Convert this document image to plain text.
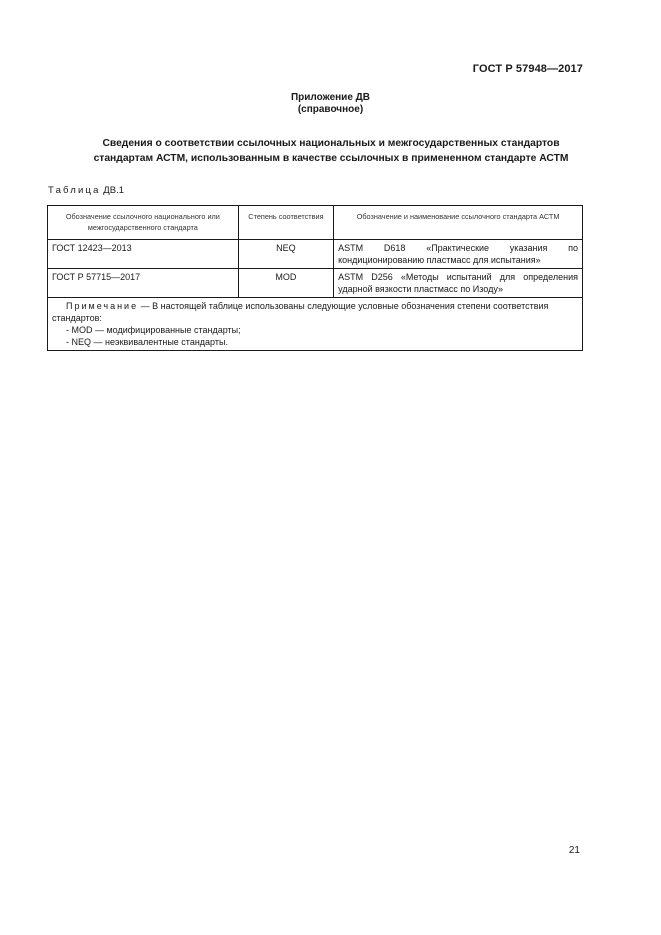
ГОСТ Р 57948—2017
Приложение ДВ
(справочное)
Сведения о соответствии ссылочных национальных и межгосударственных стандартов
стандартам АСТМ, использованным в качестве ссылочных в примененном стандарте АСТМ
Таблица ДВ.1
Обозначение ссылочного национального или межгосударственного стандарта	Степень соответствия	Обозначение и наименование ссылочного стандарта АСТМ
ГОСТ 12423—2013	NEQ	ASTM D618 «Практические указания по кондиционированию пластмасс для испытания»
ГОСТ Р 57715—2017	MOD	ASTM D256 «Методы испытаний для определения ударной вязкости пластмасс по Изоду»

Примечание — В настоящей таблице использованы следующие условные обозначения степени соответствия стандартов:
- MOD — модифицированные стандарты;
- NEQ — неэквивалентные стандарты.		
21
